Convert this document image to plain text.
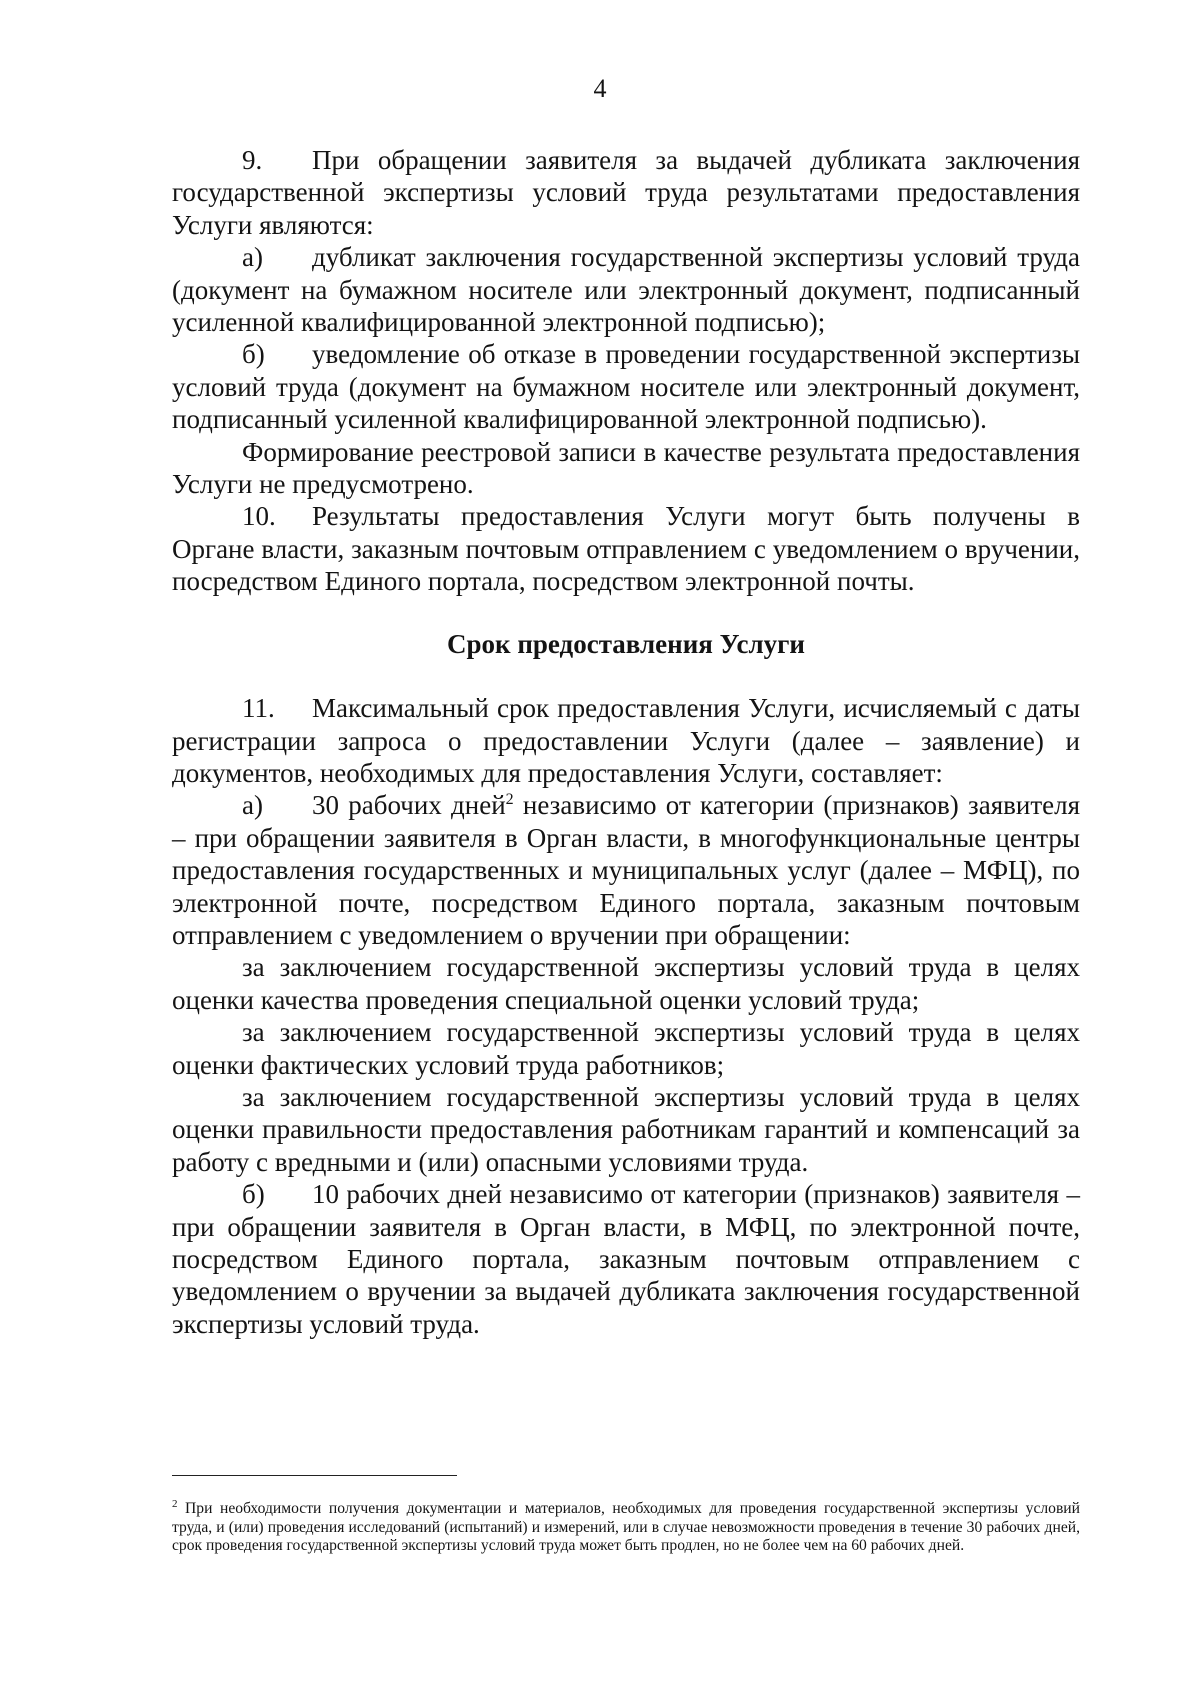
4

9. При обращении заявителя за выдачей дубликата заключения государственной экспертизы условий труда результатами предоставления Услуги являются:

а) дубликат заключения государственной экспертизы условий труда (документ на бумажном носителе или электронный документ, подписанный усиленной квалифицированной электронной подписью);

б) уведомление об отказе в проведении государственной экспертизы условий труда (документ на бумажном носителе или электронный документ, подписанный усиленной квалифицированной электронной подписью).

Формирование реестровой записи в качестве результата предоставления Услуги не предусмотрено.

10. Результаты предоставления Услуги могут быть получены в Органе власти, заказным почтовым отправлением с уведомлением о вручении, посредством Единого портала, посредством электронной почты.

Срок предоставления Услуги

11. Максимальный срок предоставления Услуги, исчисляемый с даты регистрации запроса о предоставлении Услуги (далее – заявление) и документов, необходимых для предоставления Услуги, составляет:

а) 30 рабочих дней$^2$ независимо от категории (признаков) заявителя – при обращении заявителя в Орган власти, в многофункциональные центры предоставления государственных и муниципальных услуг (далее – МФЦ), по электронной почте, посредством Единого портала, заказным почтовым отправлением с уведомлением о вручении при обращении:

за заключением государственной экспертизы условий труда в целях оценки качества проведения специальной оценки условий труда;

за заключением государственной экспертизы условий труда в целях оценки фактических условий труда работников;

за заключением государственной экспертизы условий труда в целях оценки правильности предоставления работникам гарантий и компенсаций за работу с вредными и (или) опасными условиями труда.

б) 10 рабочих дней независимо от категории (признаков) заявителя – при обращении заявителя в Орган власти, в МФЦ, по электронной почте, посредством Единого портала, заказным почтовым отправлением с уведомлением о вручении за выдачей дубликата заключения государственной экспертизы условий труда.

$^2$ При необходимости получения документации и материалов, необходимых для проведения государственной экспертизы условий труда, и (или) проведения исследований (испытаний) и измерений, или в случае невозможности проведения в течение 30 рабочих дней, срок проведения государственной экспертизы условий труда может быть продлен, но не более чем на 60 рабочих дней.
